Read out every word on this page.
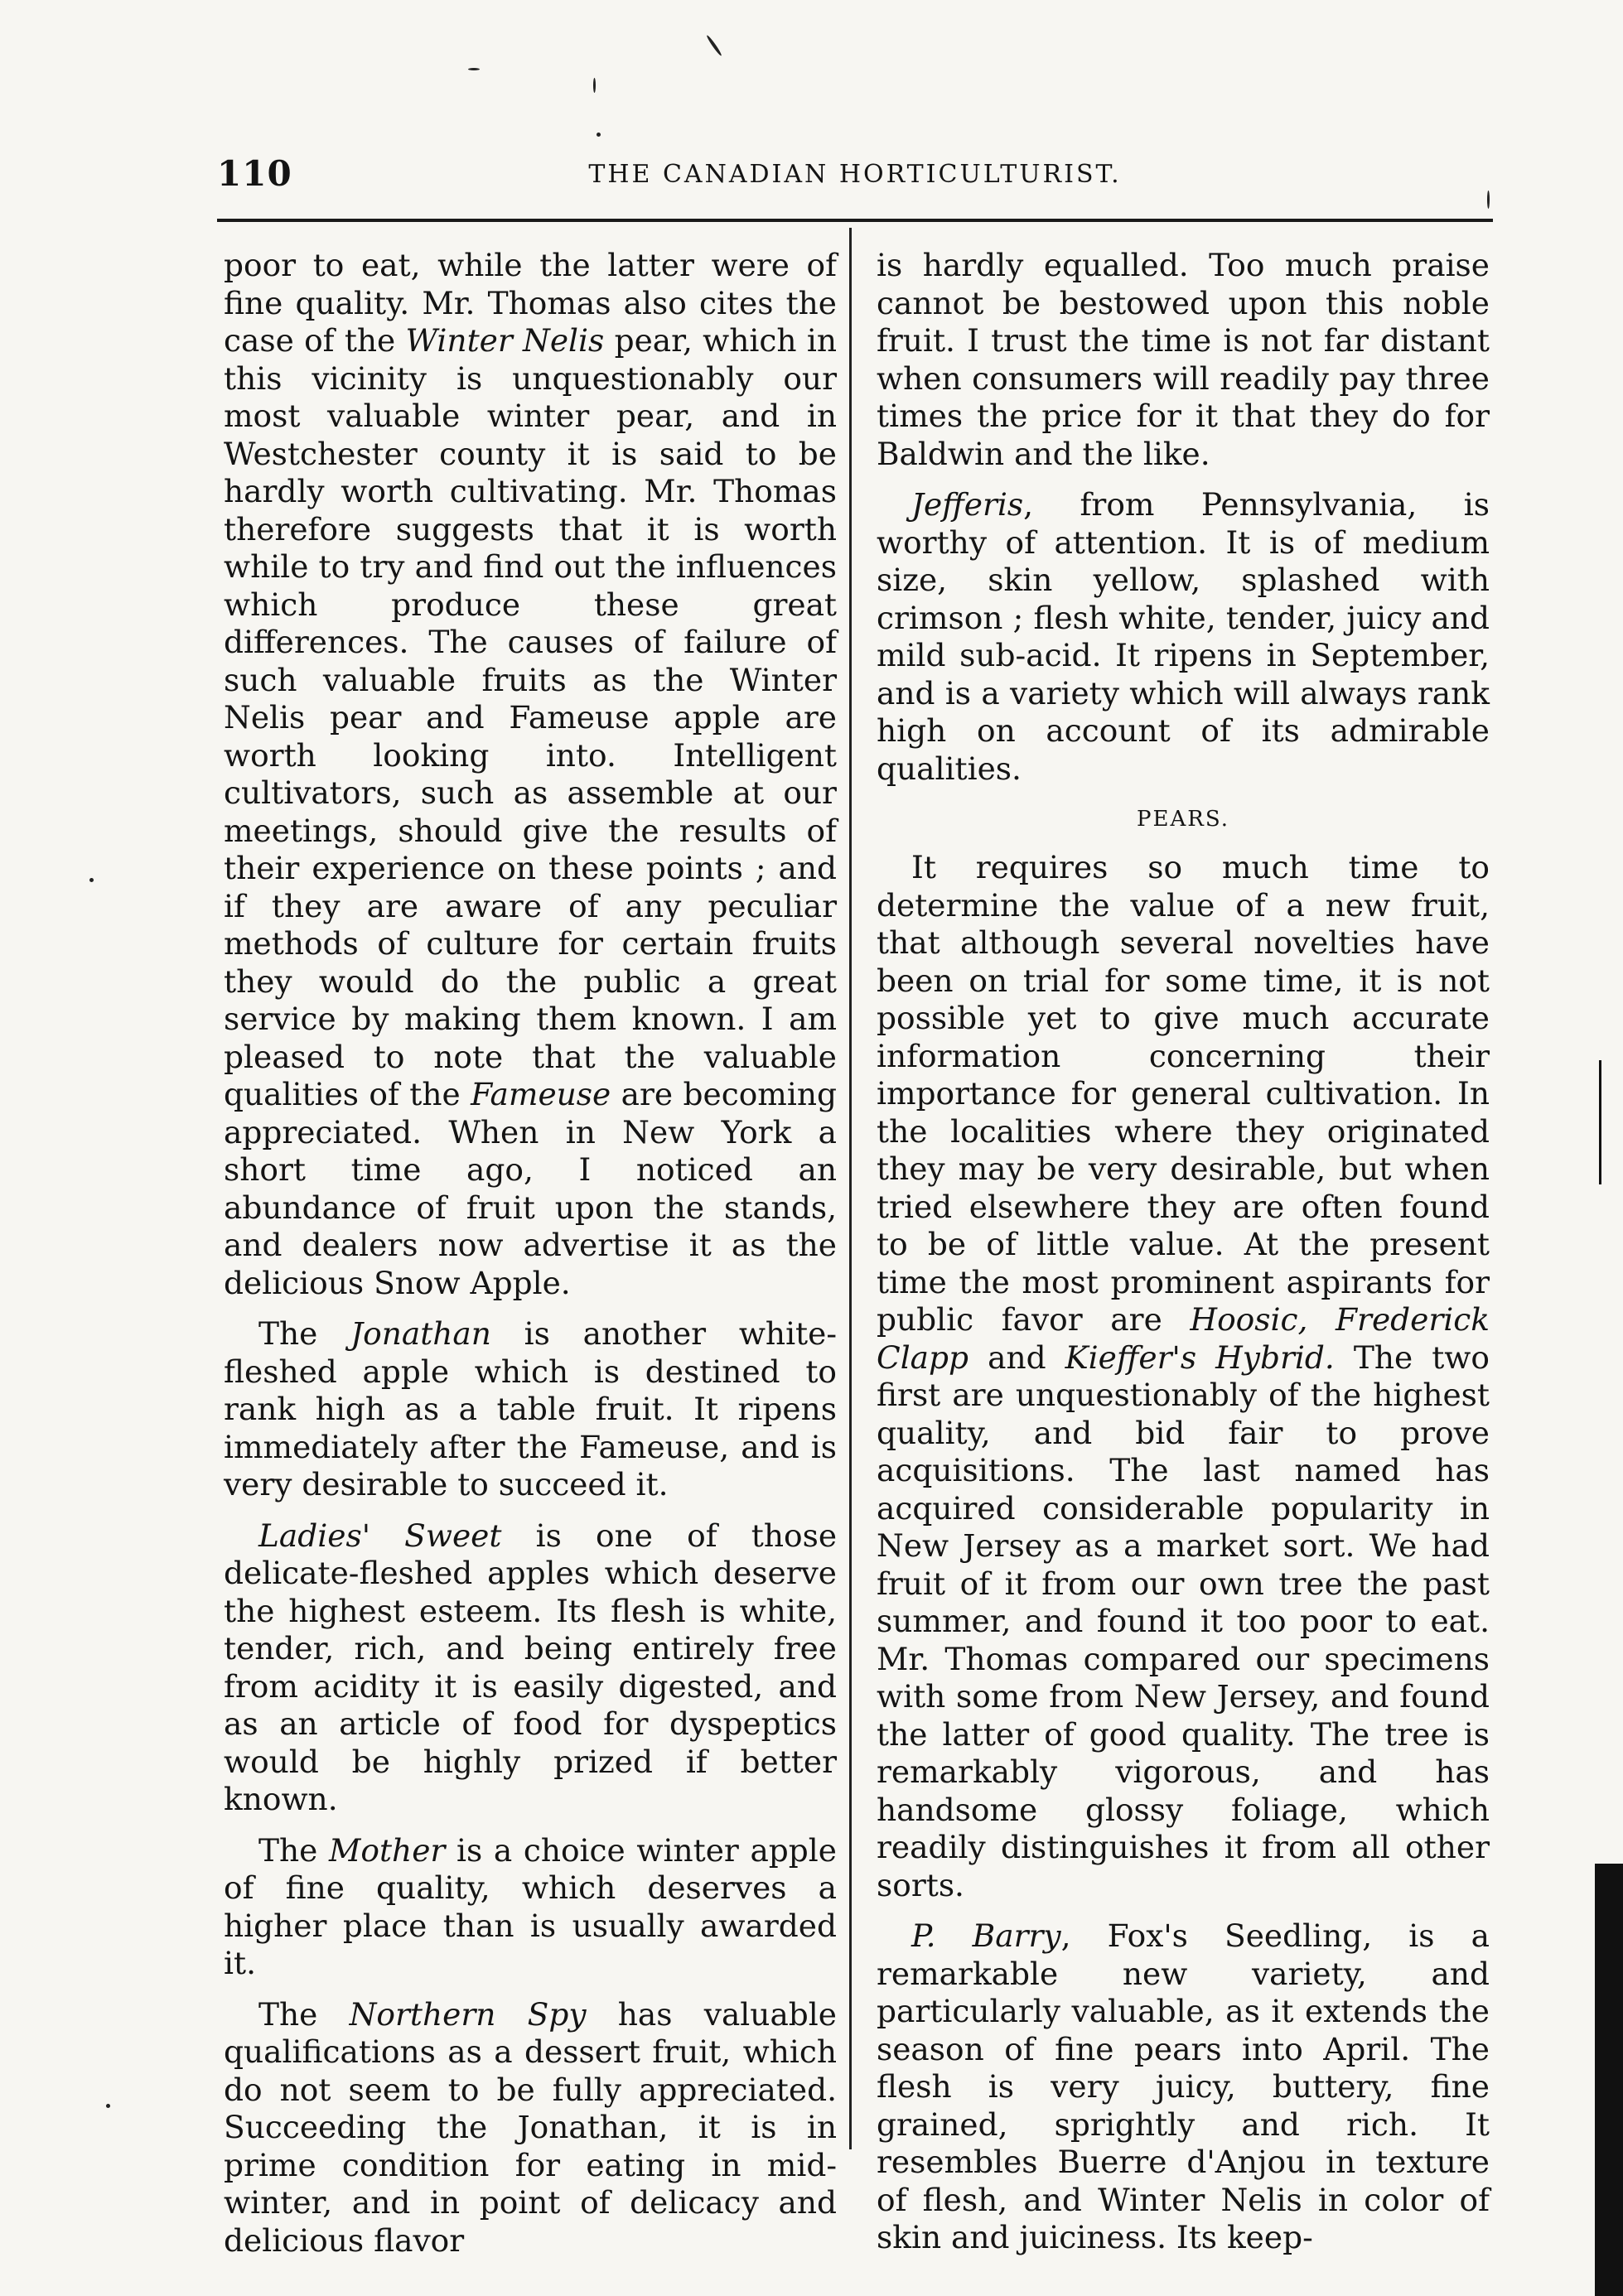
110	THE CANADIAN HORTICULTURIST.

poor to eat, while the latter were of fine quality. Mr. Thomas also cites the case of the Winter Nelis pear, which in this vicinity is unquestionably our most valuable winter pear, and in Westchester county it is said to be hardly worth cultivating. Mr. Thomas therefore suggests that it is worth while to try and find out the influences which produce these great differences. The causes of failure of such valuable fruits as the Winter Nelis pear and Fameuse apple are worth looking into. Intelligent cultivators, such as assemble at our meetings, should give the results of their experience on these points ; and if they are aware of any peculiar methods of culture for certain fruits they would do the public a great service by making them known. I am pleased to note that the valuable qualities of the Fameuse are becoming appreciated. When in New York a short time ago, I noticed an abundance of fruit upon the stands, and dealers now advertise it as the delicious Snow Apple.

The Jonathan is another white-fleshed apple which is destined to rank high as a table fruit. It ripens immediately after the Fameuse, and is very desirable to succeed it.

Ladies' Sweet is one of those delicate-fleshed apples which deserve the highest esteem. Its flesh is white, tender, rich, and being entirely free from acidity it is easily digested, and as an article of food for dyspeptics would be highly prized if better known.

The Mother is a choice winter apple of fine quality, which deserves a higher place than is usually awarded it.

The Northern Spy has valuable qualifications as a dessert fruit, which do not seem to be fully appreciated. Succeeding the Jonathan, it is in prime condition for eating in mid-winter, and in point of delicacy and delicious flavor

is hardly equalled. Too much praise cannot be bestowed upon this noble fruit. I trust the time is not far distant when consumers will readily pay three times the price for it that they do for Baldwin and the like.

Jefferis, from Pennsylvania, is worthy of attention. It is of medium size, skin yellow, splashed with crimson ; flesh white, tender, juicy and mild sub-acid. It ripens in September, and is a variety which will always rank high on account of its admirable qualities.

PEARS.

It requires so much time to determine the value of a new fruit, that although several novelties have been on trial for some time, it is not possible yet to give much accurate information concerning their importance for general cultivation. In the localities where they originated they may be very desirable, but when tried elsewhere they are often found to be of little value. At the present time the most prominent aspirants for public favor are Hoosic, Frederick Clapp and Kieffer's Hybrid. The two first are unquestionably of the highest quality, and bid fair to prove acquisitions. The last named has acquired considerable popularity in New Jersey as a market sort. We had fruit of it from our own tree the past summer, and found it too poor to eat. Mr. Thomas compared our specimens with some from New Jersey, and found the latter of good quality. The tree is remarkably vigorous, and has handsome glossy foliage, which readily distinguishes it from all other sorts.

P. Barry, Fox's Seedling, is a remarkable new variety, and particularly valuable, as it extends the season of fine pears into April. The flesh is very juicy, buttery, fine grained, sprightly and rich. It resembles Buerre d'Anjou in texture of flesh, and Winter Nelis in color of skin and juiciness. Its keep-
